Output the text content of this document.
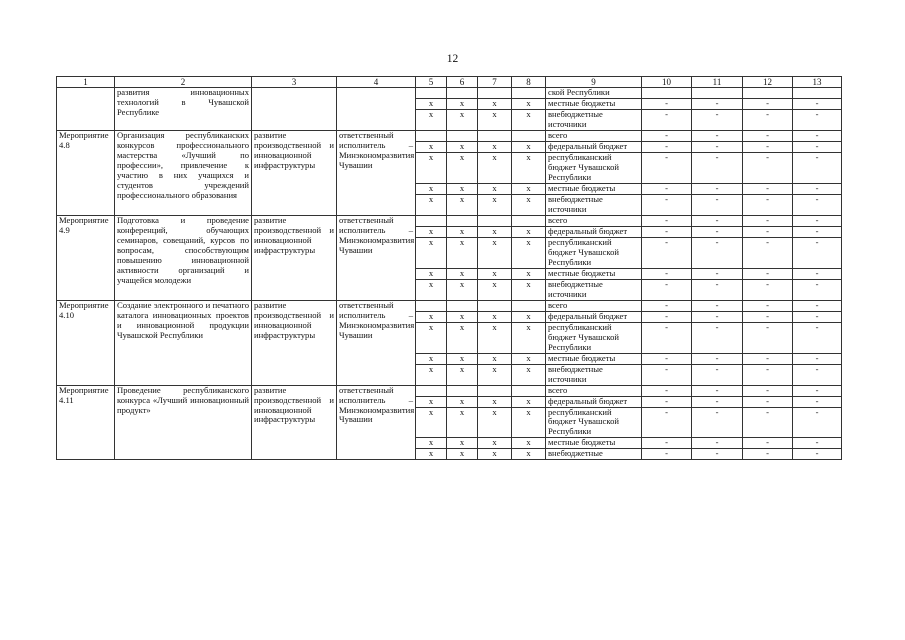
12
1	2	3	4	5	6	7	8	9	10	11	12	13
	развития инновационных технологий в Чувашской Республике							ской Республики				
				x	x	x	x	местные бюджеты	-	-	-	-
				x	x	x	x	внебюджетные источники	-	-	-	-
Мероприятие 4.8	Организация республиканских конкурсов профессионального мастерства «Лучший по профессии», привлечение к участию в них учащихся и студентов учреждений профессионального образования	развитие производственной и инновационной инфраструктуры	ответственный исполнитель – Минэкономразвития Чувашии					всего	-	-	-	-
				x	x	x	x	федеральный бюджет	-	-	-	-
				x	x	x	x	республиканский бюджет Чувашской Республики	-	-	-	-
				x	x	x	x	местные бюджеты	-	-	-	-
				x	x	x	x	внебюджетные источники	-	-	-	-
Мероприятие 4.9	Подготовка и проведение конференций, обучающих семинаров, совещаний, курсов по вопросам, способствующим повышению инновационной активности организаций и учащейся молодежи	развитие производственной и инновационной инфраструктуры	ответственный исполнитель – Минэкономразвития Чувашии					всего	-	-	-	-
				x	x	x	x	федеральный бюджет	-	-	-	-
				x	x	x	x	республиканский бюджет Чувашской Республики	-	-	-	-
				x	x	x	x	местные бюджеты	-	-	-	-
				x	x	x	x	внебюджетные источники	-	-	-	-
Мероприятие 4.10	Создание электронного и печатного каталога инновационных проектов и инновационной продукции Чувашской Республики	развитие производственной и инновационной инфраструктуры	ответственный исполнитель – Минэкономразвития Чувашии					всего	-	-	-	-
				x	x	x	x	федеральный бюджет	-	-	-	-
				x	x	x	x	республиканский бюджет Чувашской Республики	-	-	-	-
				x	x	x	x	местные бюджеты	-	-	-	-
				x	x	x	x	внебюджетные источники	-	-	-	-
Мероприятие 4.11	Проведение республиканского конкурса «Лучший инновационный продукт»	развитие производственной и инновационной инфраструктуры	ответственный исполнитель – Минэкономразвития Чувашии					всего	-	-	-	-
				x	x	x	x	федеральный бюджет	-	-	-	-
				x	x	x	x	республиканский бюджет Чувашской Республики	-	-	-	-
				x	x	x	x	местные бюджеты	-	-	-	-
				x	x	x	x	внебюджетные	-	-	-	-
